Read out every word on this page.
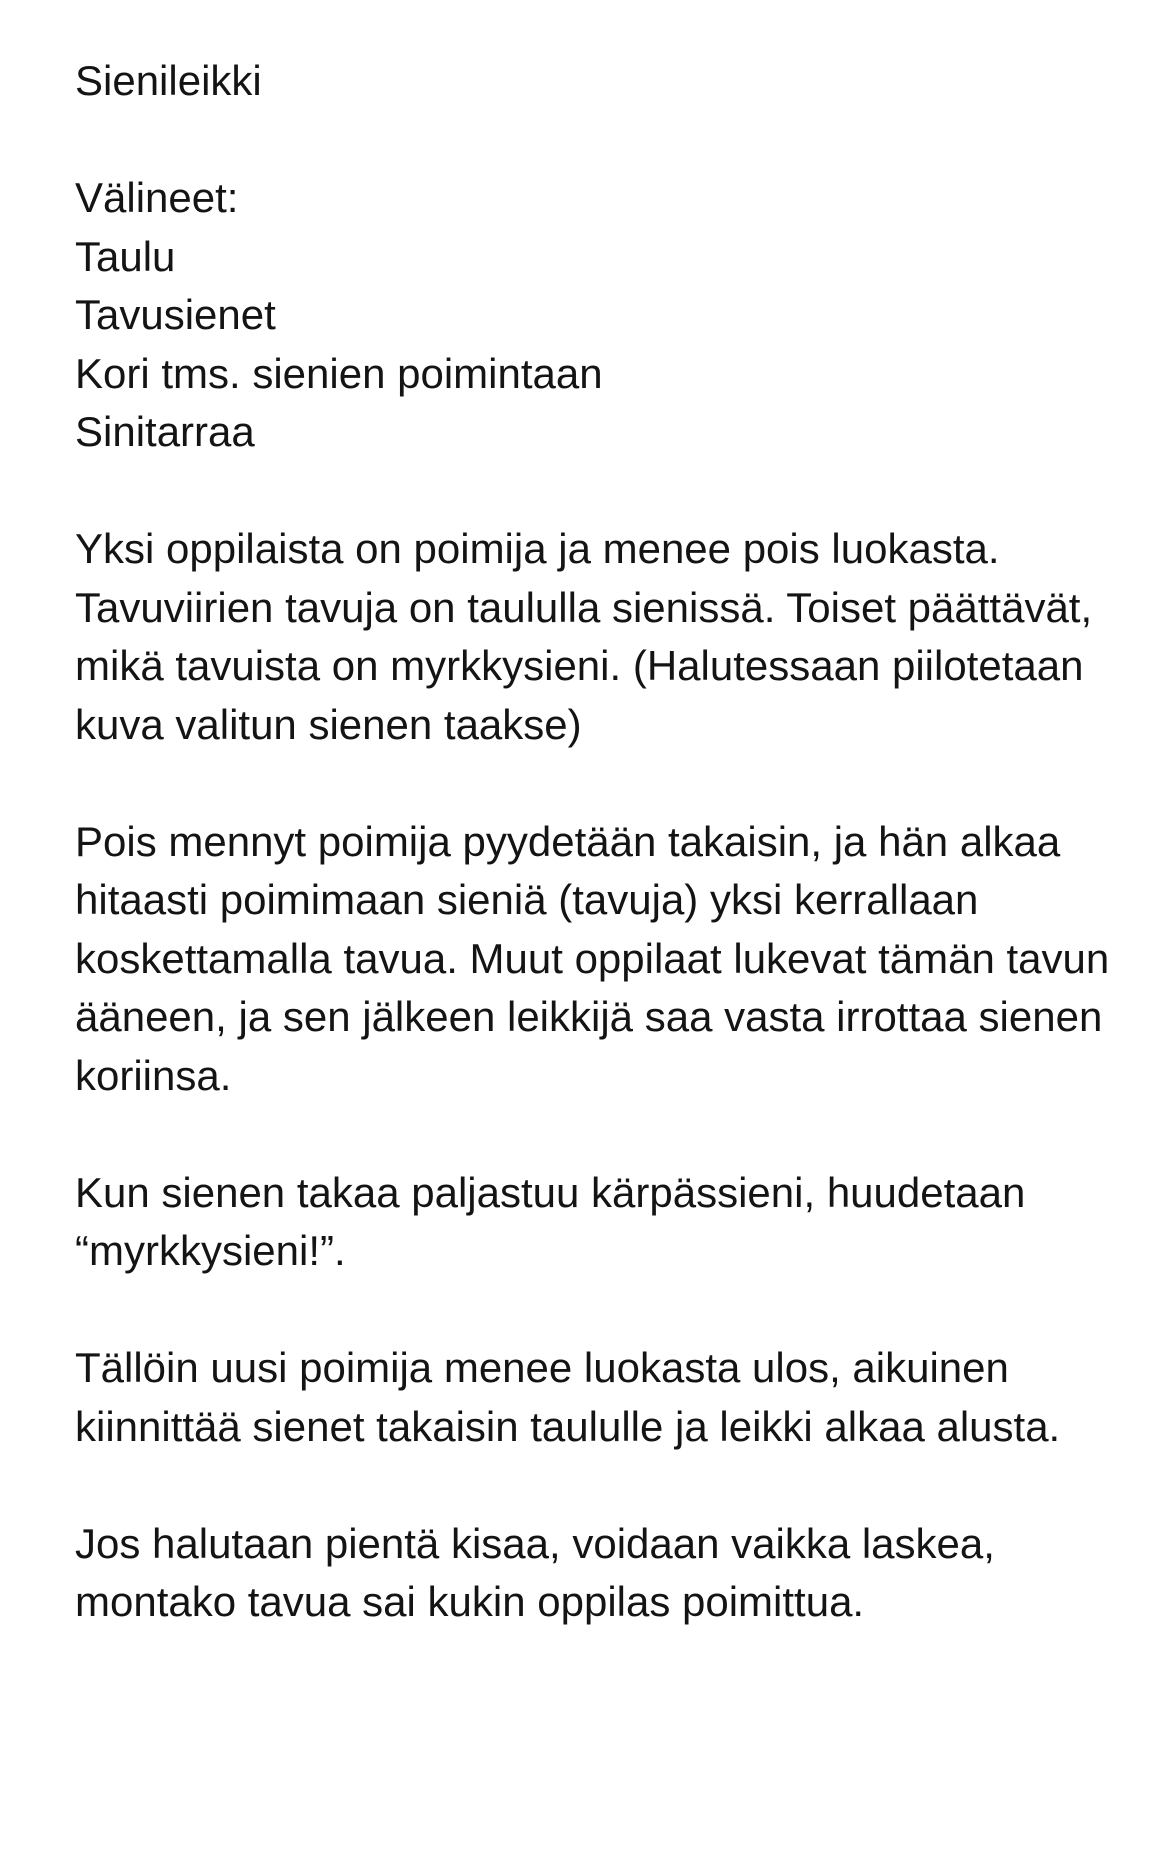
Sienileikki

Välineet:

Taulu
Tavusienet
Kori tms. sienien poimintaan
Sinitarraa

Yksi oppilaista on poimija ja menee pois luokasta. Tavuviirien tavuja on taululla sienissä. Toiset päättävät, mikä tavuista on myrkkysieni. (Halutessaan piilotetaan kuva valitun sienen taakse)

Pois mennyt poimija pyydetään takaisin, ja hän alkaa hitaasti poimimaan sieniä (tavuja) yksi kerrallaan koskettamalla tavua. Muut oppilaat lukevat tämän tavun ääneen, ja sen jälkeen leikkijä saa vasta irrottaa sienen koriinsa.

Kun sienen takaa paljastuu kärpässieni, huudetaan “myrkkysieni!”.

Tällöin uusi poimija menee luokasta ulos, aikuinen kiinnittää sienet takaisin taululle ja leikki alkaa alusta.

Jos halutaan pientä kisaa, voidaan vaikka laskea, montako tavua sai kukin oppilas poimittua.
